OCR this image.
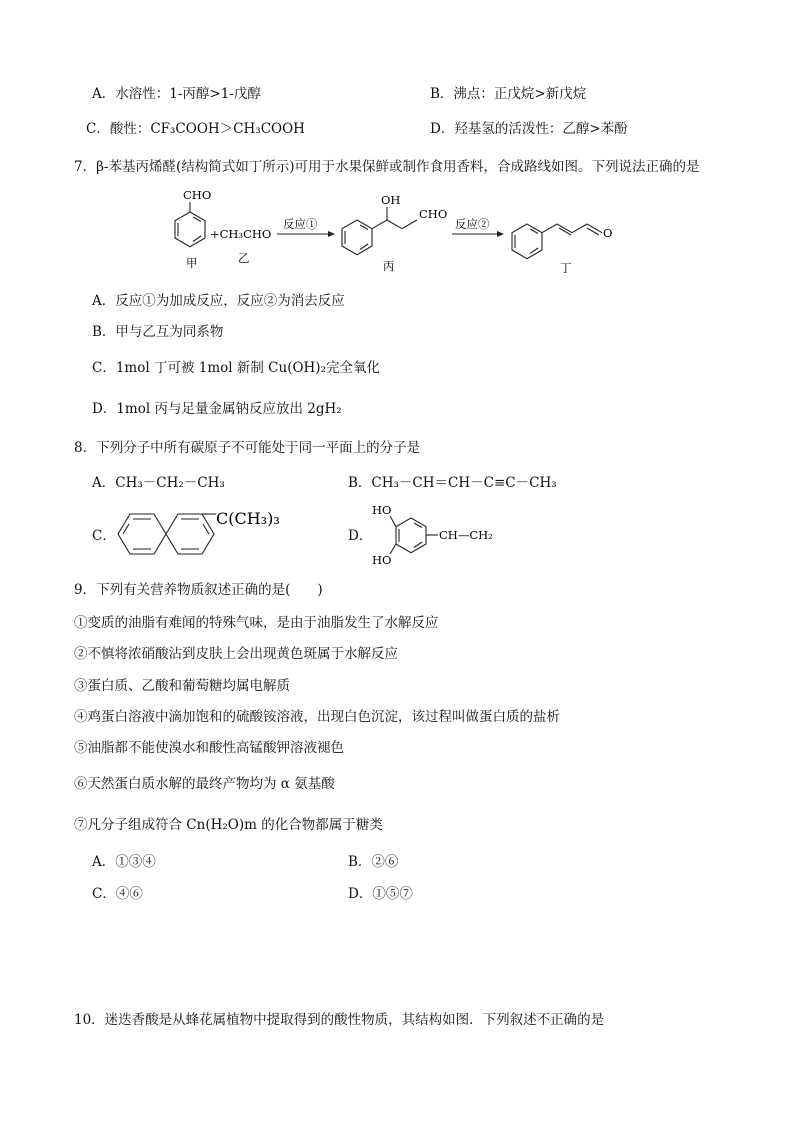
A．水溶性：1-丙醇>1-戊醇	B．沸点：正戊烷>新戊烷
C．酸性：CF₃COOH＞CH₃COOH	D．羟基氢的活泼性：乙醇>苯酚
7．β-苯基丙烯醛(结构简式如丁所示)可用于水果保鲜或制作食用香料，合成路线如图。下列说法正确的是
CHO
+CH₃CHO
甲	乙
反应①
OH
CHO
丙
反应②
O
丁
A．反应①为加成反应，反应②为消去反应
B．甲与乙互为同系物
C．1mol 丁可被 1mol 新制 Cu(OH)₂完全氧化
D．1mol 丙与足量金属钠反应放出 2gH₂
8．下列分子中所有碳原子不可能处于同一平面上的分子是
A．CH₃－CH₂－CH₃	B．CH₃－CH＝CH－C≡C－CH₃
C．
C(CH₃)₃
D．
HO
HO
CH—CH₂
9．下列有关营养物质叙述正确的是(　　)
①变质的油脂有难闻的特殊气味，是由于油脂发生了水解反应
②不慎将浓硝酸沾到皮肤上会出现黄色斑属于水解反应
③蛋白质、乙酸和葡萄糖均属电解质
④鸡蛋白溶液中滴加饱和的硫酸铵溶液，出现白色沉淀，该过程叫做蛋白质的盐析
⑤油脂都不能使溴水和酸性高锰酸钾溶液褪色
⑥天然蛋白质水解的最终产物均为 α 氨基酸
⑦凡分子组成符合 Cn(H₂O)m 的化合物都属于糖类
A．①③④	B．②⑥
C．④⑥	D．①⑤⑦
10．迷迭香酸是从蜂花属植物中提取得到的酸性物质，其结构如图．下列叙述不正确的是
